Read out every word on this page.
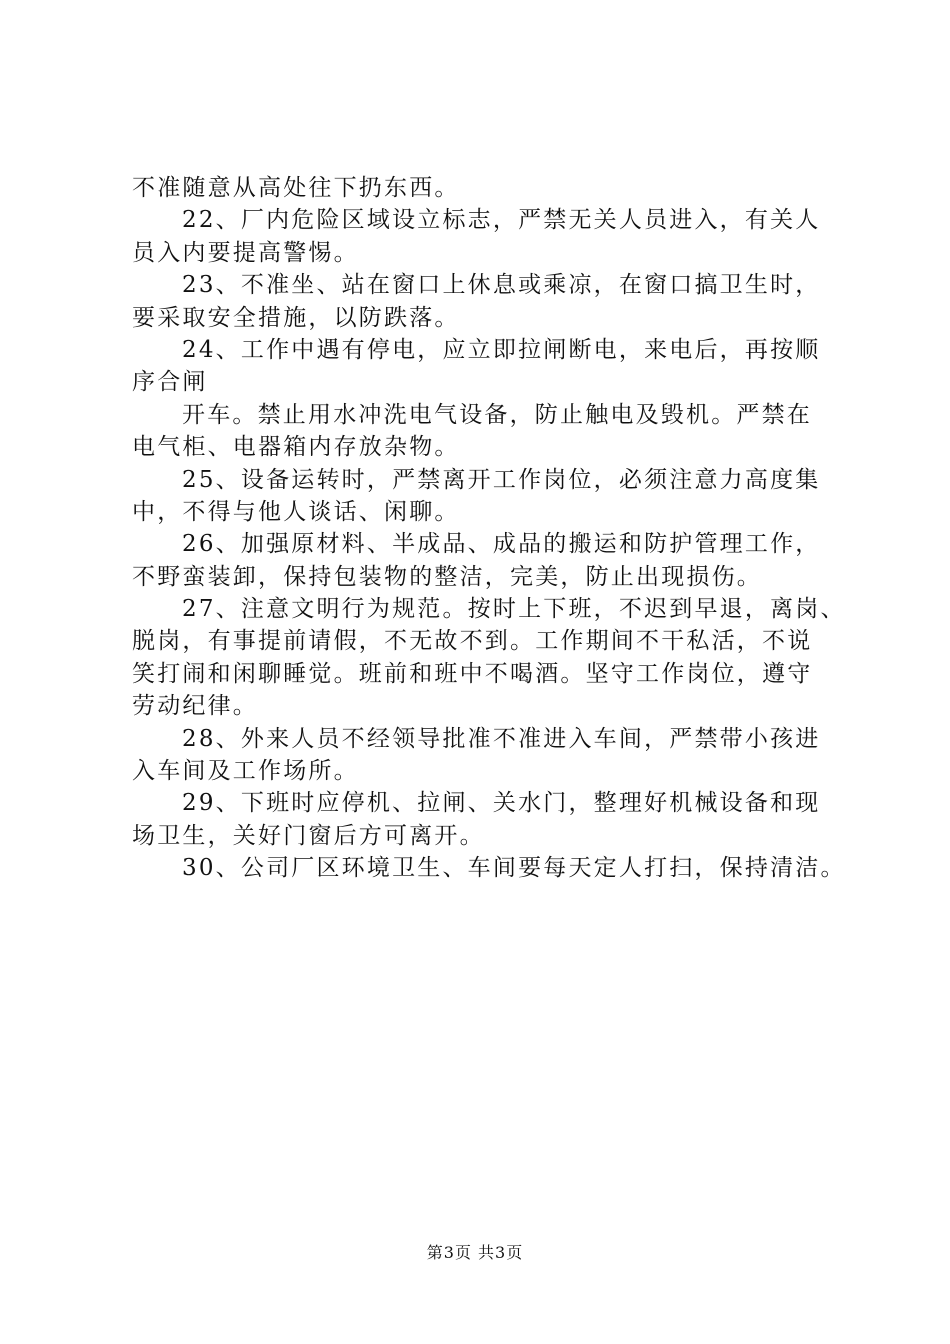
不准随意从高处往下扔东西。
22、厂内危险区域设立标志，严禁无关人员进入，有关人
员入内要提高警惕。
23、不准坐、站在窗口上休息或乘凉，在窗口搞卫生时，
要采取安全措施，以防跌落。
24、工作中遇有停电，应立即拉闸断电，来电后，再按顺
序合闸
开车。禁止用水冲洗电气设备，防止触电及毁机。严禁在
电气柜、电器箱内存放杂物。
25、设备运转时，严禁离开工作岗位，必须注意力高度集
中，不得与他人谈话、闲聊。
26、加强原材料、半成品、成品的搬运和防护管理工作，
不野蛮装卸，保持包装物的整洁，完美，防止出现损伤。
27、注意文明行为规范。按时上下班，不迟到早退，离岗、
脱岗，有事提前请假，不无故不到。工作期间不干私活，不说
笑打闹和闲聊睡觉。班前和班中不喝酒。坚守工作岗位，遵守
劳动纪律。
28、外来人员不经领导批准不准进入车间，严禁带小孩进
入车间及工作场所。
29、下班时应停机、拉闸、关水门，整理好机械设备和现
场卫生，关好门窗后方可离开。
30、公司厂区环境卫生、车间要每天定人打扫，保持清洁。
第3页 共3页
